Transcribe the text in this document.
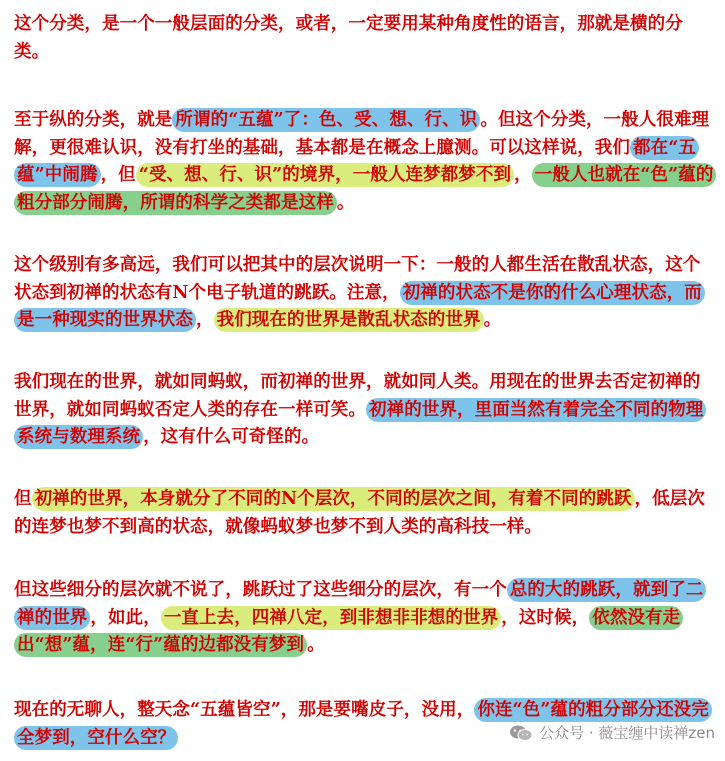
这个分类，是一个一般层面的分类，或者，一定要用某种角度性的语言，那就是横的分类。

至于纵的分类，就是 所谓的“五蕴”了：色、受、想、行、识 。但这个分类，一般人很难理解，更很难认识，没有打坐的基础，基本都是在概念上臆测。可以这样说，我们 都在“五蕴”中闹腾 ，但 “受、想、行、识”的境界，一般人连梦都梦不到 ， 一般人也就在“色”蕴的粗分部分闹腾，所谓的科学之类都是这样 。

这个级别有多高远，我们可以把其中的层次说明一下：一般的人都生活在散乱状态，这个状态到初禅的状态有N个电子轨道的跳跃。注意， 初禅的状态不是你的什么心理状态，而是一种现实的世界状态 ， 我们现在的世界是散乱状态的世界 。

我们现在的世界，就如同蚂蚁，而初禅的世界，就如同人类。用现在的世界去否定初禅的世界，就如同蚂蚁否定人类的存在一样可笑。 初禅的世界，里面当然有着完全不同的物理系统与数理系统 ，这有什么可奇怪的。

但 初禅的世界，本身就分了不同的N个层次，不同的层次之间，有着不同的跳跃 ，低层次的连梦也梦不到高的状态，就像蚂蚁梦也梦不到人类的高科技一样。

但这些细分的层次就不说了，跳跃过了这些细分的层次，有一个 总的大的跳跃，就到了二禅的世界 ，如此， 一直上去，四禅八定，到非想非非想的世界 ，这时候， 依然没有走出“想”蕴，连“行”蕴的边都没有梦到 。

现在的无聊人，整天念“五蕴皆空”，那是要嘴皮子，没用， 你连“色”蕴的粗分部分还没完全梦到，空什么空？	公众号 · 薇宝缠中读禅zen
